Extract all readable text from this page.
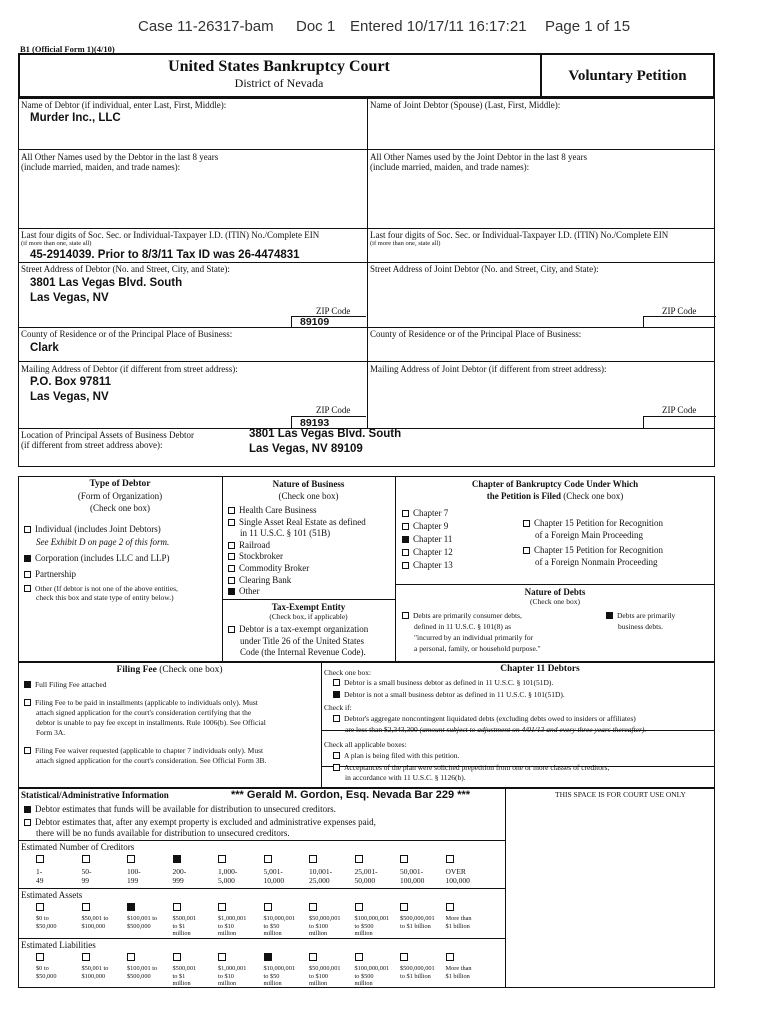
Case 11-26317-bam Doc 1 Entered 10/17/11 16:17:21 Page 1 of 15
B1 (Official Form 1)(4/10)
United States Bankruptcy Court
District of Nevada	Voluntary Petition
Name of Debtor (if individual, enter Last, First, Middle):
Murder Inc., LLC
Name of Joint Debtor (Spouse) (Last, First, Middle):
All Other Names used by the Debtor in the last 8 years
(include married, maiden, and trade names):
All Other Names used by the Joint Debtor in the last 8 years
(include married, maiden, and trade names):
Last four digits of Soc. Sec. or Individual-Taxpayer I.D. (ITIN) No./Complete EIN
(if more than one, state all)
45-2914039. Prior to 8/3/11 Tax ID was 26-4474831
Last four digits of Soc. Sec. or Individual-Taxpayer I.D. (ITIN) No./Complete EIN
(if more than one, state all)
Street Address of Debtor (No. and Street, City, and State):
3801 Las Vegas Blvd. South
Las Vegas, NV
ZIP Code
89109
Street Address of Joint Debtor (No. and Street, City, and State):
ZIP Code
County of Residence or of the Principal Place of Business:
Clark
County of Residence or of the Principal Place of Business:
Mailing Address of Debtor (if different from street address):
P.O. Box 97811
Las Vegas, NV
ZIP Code
89193
Mailing Address of Joint Debtor (if different from street address):
ZIP Code
Location of Principal Assets of Business Debtor
(if different from street address above):
3801 Las Vegas Blvd. South
Las Vegas, NV 89109
Type of Debtor
(Form of Organization)
(Check one box)
Individual (includes Joint Debtors)
See Exhibit D on page 2 of this form.
Corporation (includes LLC and LLP)
Partnership
Other (If debtor is not one of the above entities,
check this box and state type of entity below.)
Nature of Business
(Check one box)
Health Care Business
Single Asset Real Estate as defined
in 11 U.S.C. § 101 (51B)
Railroad
Stockbroker
Commodity Broker
Clearing Bank
Other
Tax-Exempt Entity
(Check box, if applicable)
Debtor is a tax-exempt organization
under Title 26 of the United States
Code (the Internal Revenue Code).
Chapter of Bankruptcy Code Under Which
the Petition is Filed (Check one box)
Chapter 7
Chapter 9
Chapter 11
Chapter 12
Chapter 13
Chapter 15 Petition for Recognition
of a Foreign Main Proceeding
Chapter 15 Petition for Recognition
of a Foreign Nonmain Proceeding
Nature of Debts
(Check one box)
Debts are primarily consumer debts,
defined in 11 U.S.C. § 101(8) as
"incurred by an individual primarily for
a personal, family, or household purpose."
Debts are primarily
business debts.
Filing Fee (Check one box)
Full Filing Fee attached
Filing Fee to be paid in installments (applicable to individuals only). Must
attach signed application for the court's consideration certifying that the
debtor is unable to pay fee except in installments. Rule 1006(b). See Official
Form 3A.
Filing Fee waiver requested (applicable to chapter 7 individuals only). Must
attach signed application for the court's consideration. See Official Form 3B.
Check one box:	Chapter 11 Debtors
Debtor is a small business debtor as defined in 11 U.S.C. § 101(51D).
Debtor is not a small business debtor as defined in 11 U.S.C. § 101(51D).
Check if:
Debtor's aggregate noncontingent liquidated debts (excluding debts owed to insiders or affiliates)
are less than $2,343,300 (amount subject to adjustment on 4/01/13 and every three years thereafter).
Check all applicable boxes:
A plan is being filed with this petition.
Acceptances of the plan were solicited prepetition from one or more classes of creditors,
in accordance with 11 U.S.C. § 1126(b).
Statistical/Administrative Information	*** Gerald M. Gordon, Esq. Nevada Bar 229 ***	THIS SPACE IS FOR COURT USE ONLY
Debtor estimates that funds will be available for distribution to unsecured creditors.
Debtor estimates that, after any exempt property is excluded and administrative expenses paid,
there will be no funds available for distribution to unsecured creditors.
Estimated Number of Creditors
1-
49
50-
99
100-
199
200-
999
1,000-
5,000
5,001-
10,000
10,001-
25,000
25,001-
50,000
50,001-
100,000
OVER
100,000
Estimated Assets
$0 to
$50,000
$50,001 to
$100,000
$100,001 to
$500,000
$500,001
to $1
million
$1,000,001
to $10
million
$10,000,001
to $50
million
$50,000,001
to $100
million
$100,000,001
to $500
million
$500,000,001
to $1 billion
More than
$1 billion
Estimated Liabilities
$0 to
$50,000
$50,001 to
$100,000
$100,001 to
$500,000
$500,001
to $1
million
$1,000,001
to $10
million
$10,000,001
to $50
million
$50,000,001
to $100
million
$100,000,001
to $500
million
$500,000,001
to $1 billion
More than
$1 billion
